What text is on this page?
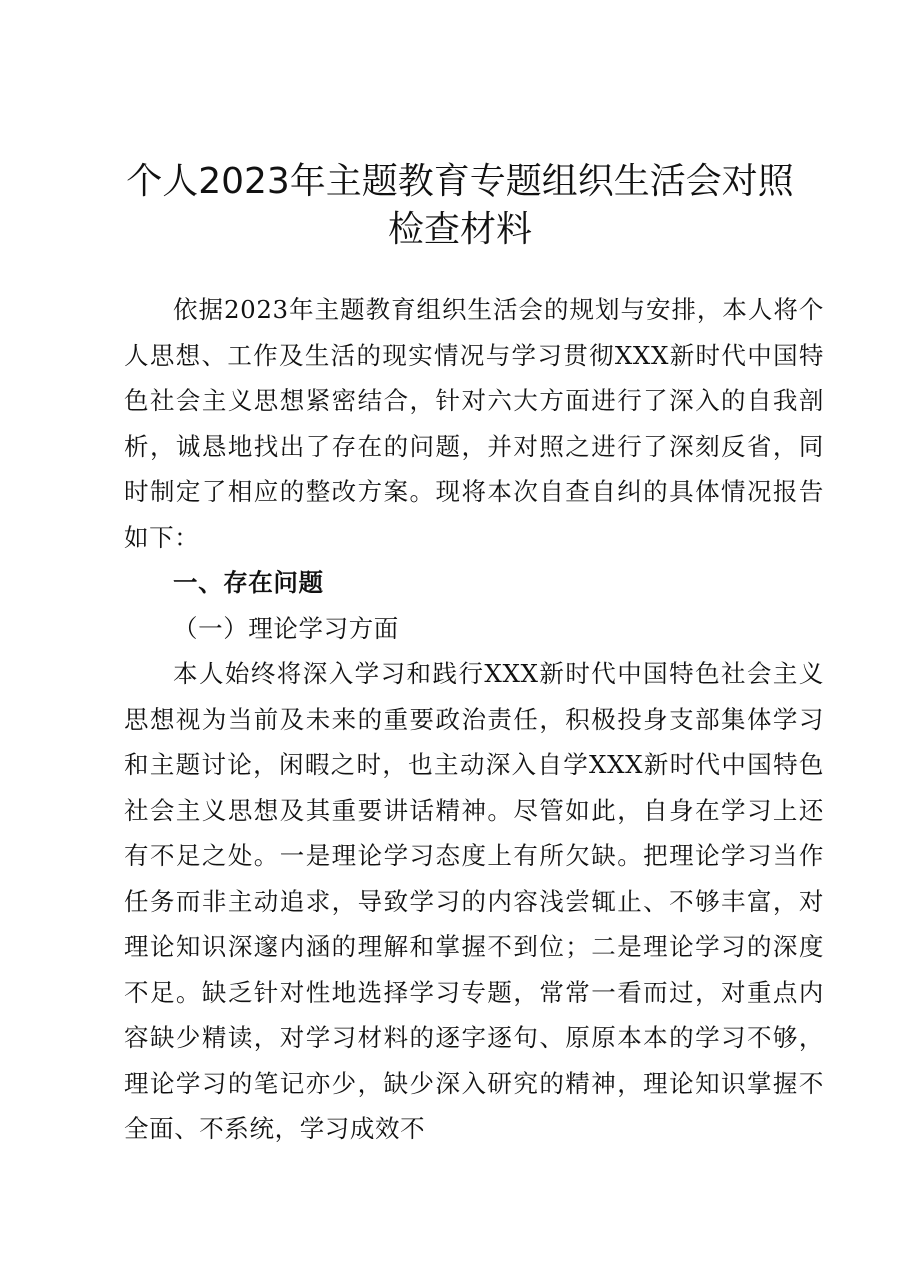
个人2023年主题教育专题组织生活会对照检查材料

依据2023年主题教育组织生活会的规划与安排，本人将个人思想、工作及生活的现实情况与学习贯彻XXX新时代中国特色社会主义思想紧密结合，针对六大方面进行了深入的自我剖析，诚恳地找出了存在的问题，并对照之进行了深刻反省，同时制定了相应的整改方案。现将本次自查自纠的具体情况报告如下：

一、存在问题

（一）理论学习方面

本人始终将深入学习和践行XXX新时代中国特色社会主义思想视为当前及未来的重要政治责任，积极投身支部集体学习和主题讨论，闲暇之时，也主动深入自学XXX新时代中国特色社会主义思想及其重要讲话精神。尽管如此，自身在学习上还有不足之处。一是理论学习态度上有所欠缺。把理论学习当作任务而非主动追求，导致学习的内容浅尝辄止、不够丰富，对理论知识深邃内涵的理解和掌握不到位；二是理论学习的深度不足。缺乏针对性地选择学习专题，常常一看而过，对重点内容缺少精读，对学习材料的逐字逐句、原原本本的学习不够，理论学习的笔记亦少，缺少深入研究的精神，理论知识掌握不全面、不系统，学习成效不
